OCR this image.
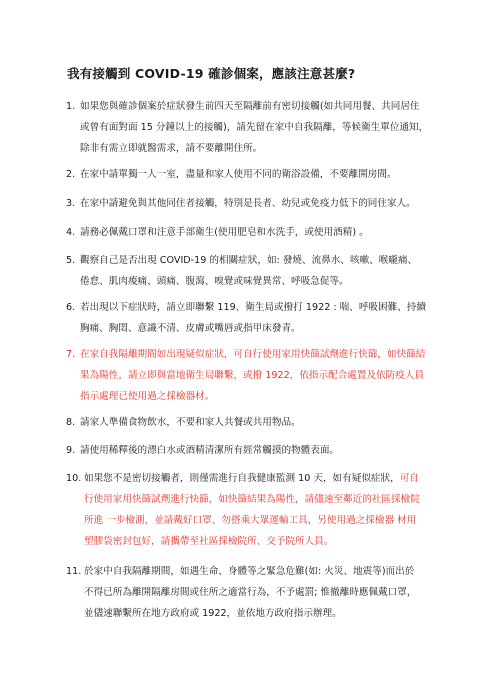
我有接觸到 COVID-19 確診個案，應該注意甚麼?
1. 如果您與確診個案於症狀發生前四天至隔離前有密切接觸(如共同用餐、共同居住
或曾有面對面 15 分鐘以上的接觸)，請先留在家中自我隔離，等候衛生單位通知，
除非有需立即就醫需求，請不要離開住所。
2. 在家中請單獨一人一室，盡量和家人使用不同的衛浴設備，不要離開房間。
3. 在家中請避免與其他同住者接觸，特別是長者、幼兒或免疫力低下的同住家人。
4. 請務必佩戴口罩和注意手部衛生(使用肥皂和水洗手，或使用酒精) 。
5. 觀察自己是否出現 COVID-19 的相關症狀，如: 發燒、流鼻水、咳嗽、喉嚨痛、
倦怠、肌肉痠痛、頭痛、腹瀉、嗅覺或味覺異常、呼吸急促等。
6. 若出現以下症狀時，請立即聯繫 119、衛生局或撥打 1922 : 喘、呼吸困難、持續
胸痛、胸悶、意識不清、皮膚或嘴唇或指甲床發青。
7. 在家自我隔離期間如出現疑似症狀，可自行使用家用快篩試劑進行快篩，如快篩結
果為陽性，請立即與當地衛生局聯繫，或撥 1922，依指示配合處置及依防疫人員
指示處理已使用過之採檢器材。
8. 請家人準備食物飲水，不要和家人共餐或共用物品。
9. 請使用稀釋後的漂白水或酒精清潔所有經常觸摸的物體表面。
10. 如果您不是密切接觸者，則僅需進行自我健康監測 10 天，如有疑似症狀，可自
行使用家用快篩試劑進行快篩，如快篩結果為陽性，請儘速至鄰近的社區採檢院
所進 一步檢測，並請戴好口罩、勿搭乘大眾運輸工具，另使用過之採檢器 材用
塑膠袋密封包好，請攜帶至社區採檢院所、交予院所人員。
11. 於家中自我隔離期間，如遇生命、身體等之緊急危難(如: 火災、地震等)而出於
不得已所為離開隔離房間或住所之適當行為，不予處罰; 惟撤離時應佩戴口罩，
並儘速聯繫所在地方政府或 1922，並依地方政府指示辦理。
